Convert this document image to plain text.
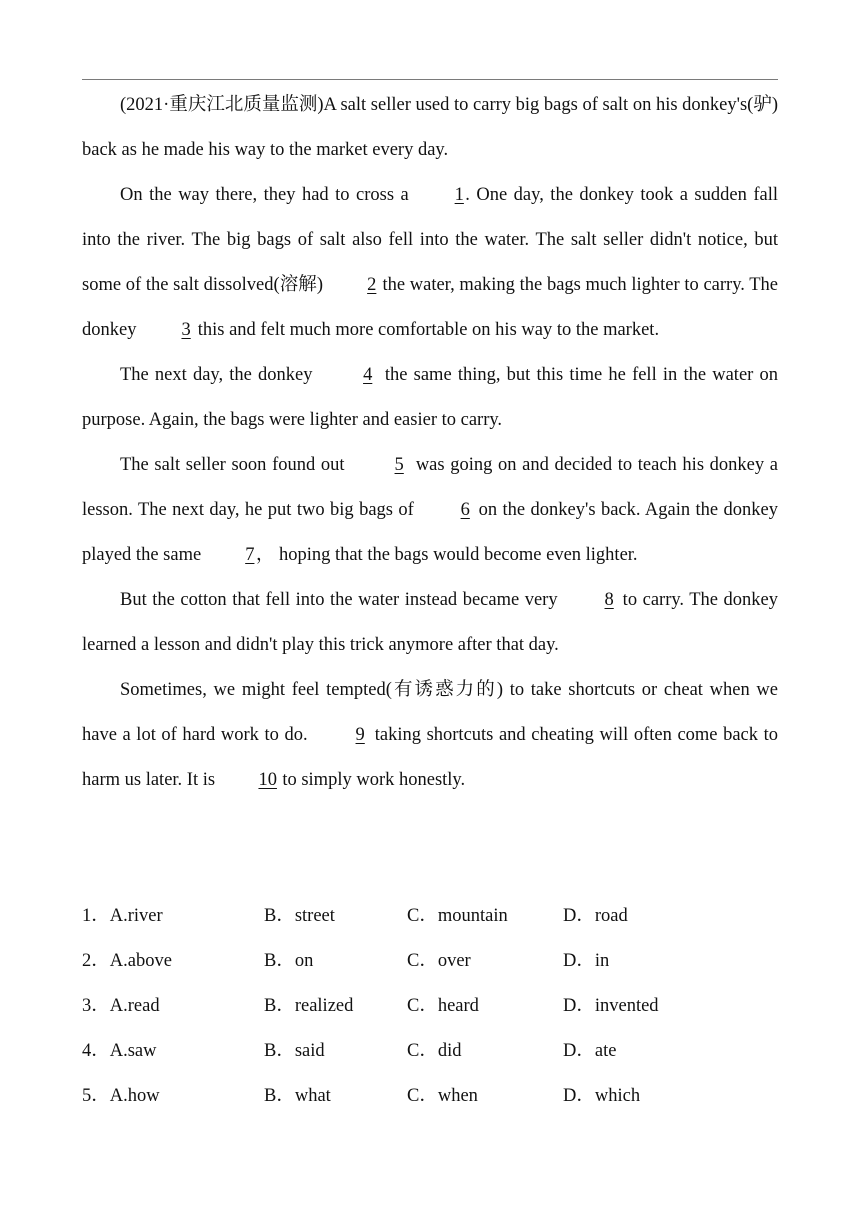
(2021·重庆江北质量监测)A salt seller used to carry big bags of salt on his donkey's(驴) back as he made his way to the market every day.

On the way there, they had to cross a 1. One day, the donkey took a sudden fall into the river. The big bags of salt also fell into the water. The salt seller didn't notice, but some of the salt dissolved(溶解) 2 the water, making the bags much lighter to carry. The donkey 3 this and felt much more comfortable on his way to the market.

The next day, the donkey 4 the same thing, but this time he fell in the water on purpose. Again, the bags were lighter and easier to carry.

The salt seller soon found out 5 was going on and decided to teach his donkey a lesson. The next day, he put two big bags of 6 on the donkey's back. Again the donkey played the same 7， hoping that the bags would become even lighter.

But the cotton that fell into the water instead became very 8 to carry. The donkey learned a lesson and didn't play this trick anymore after that day.

Sometimes, we might feel tempted(有诱惑力的) to take shortcuts or cheat when we have a lot of hard work to do. 9 taking shortcuts and cheating will often come back to harm us later. It is 10 to simply work honestly.

1．A.river	B．street	C．mountain	D．road
2．A.above	B．on	C．over	D．in
3．A.read	B．realized	C．heard	D．invented
4．A.saw	B．said	C．did	D．ate
5．A.how	B．what	C．when	D．which
